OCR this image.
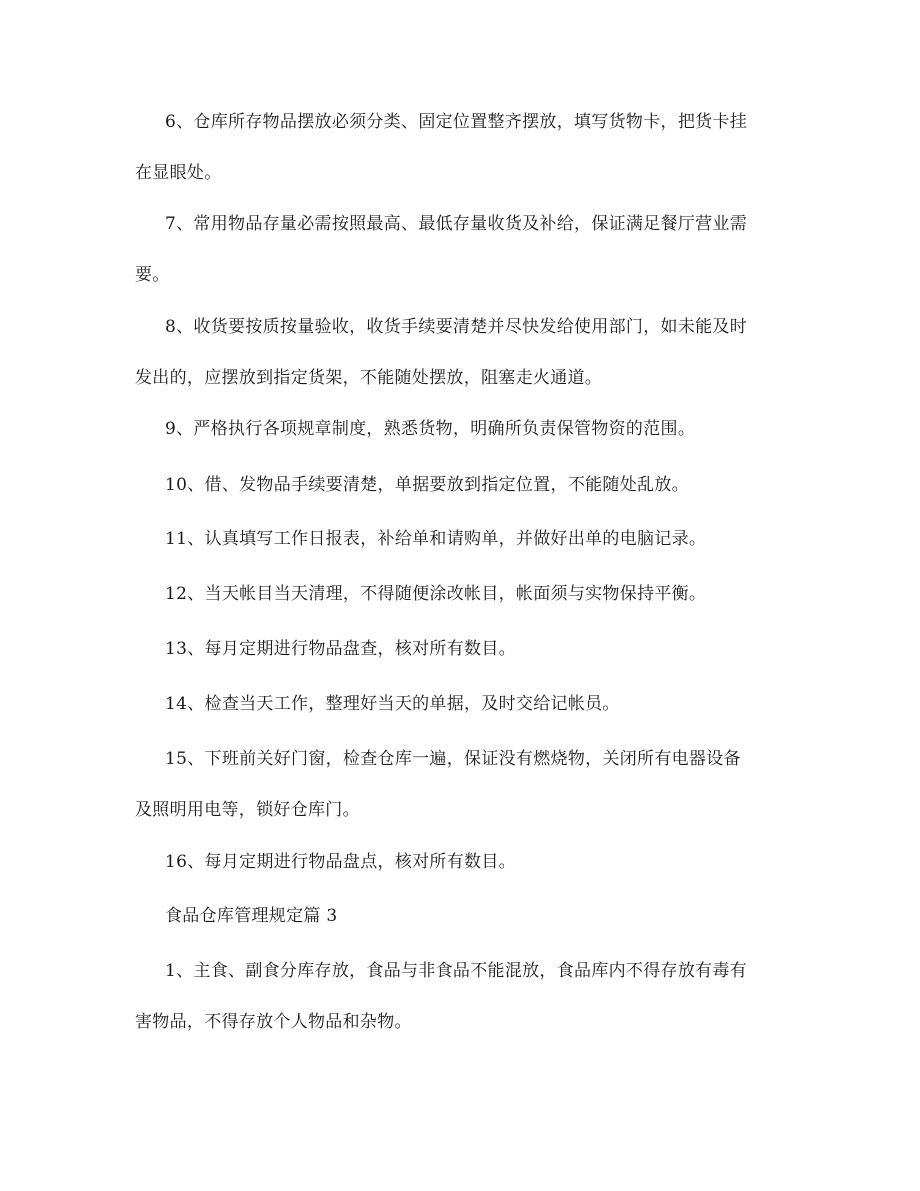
6、仓库所存物品摆放必须分类、固定位置整齐摆放，填写货物卡，把货卡挂
在显眼处。

7、常用物品存量必需按照最高、最低存量收货及补给，保证满足餐厅营业需
要。

8、收货要按质按量验收，收货手续要清楚并尽快发给使用部门，如未能及时
发出的，应摆放到指定货架，不能随处摆放，阻塞走火通道。

9、严格执行各项规章制度，熟悉货物，明确所负责保管物资的范围。

10、借、发物品手续要清楚，单据要放到指定位置，不能随处乱放。

11、认真填写工作日报表，补给单和请购单，并做好出单的电脑记录。

12、当天帐目当天清理，不得随便涂改帐目，帐面须与实物保持平衡。

13、每月定期进行物品盘查，核对所有数目。

14、检查当天工作，整理好当天的单据，及时交给记帐员。

15、下班前关好门窗，检查仓库一遍，保证没有燃烧物，关闭所有电器设备
及照明用电等，锁好仓库门。

16、每月定期进行物品盘点，核对所有数目。

食品仓库管理规定篇 3

1、主食、副食分库存放，食品与非食品不能混放，食品库内不得存放有毒有
害物品，不得存放个人物品和杂物。
